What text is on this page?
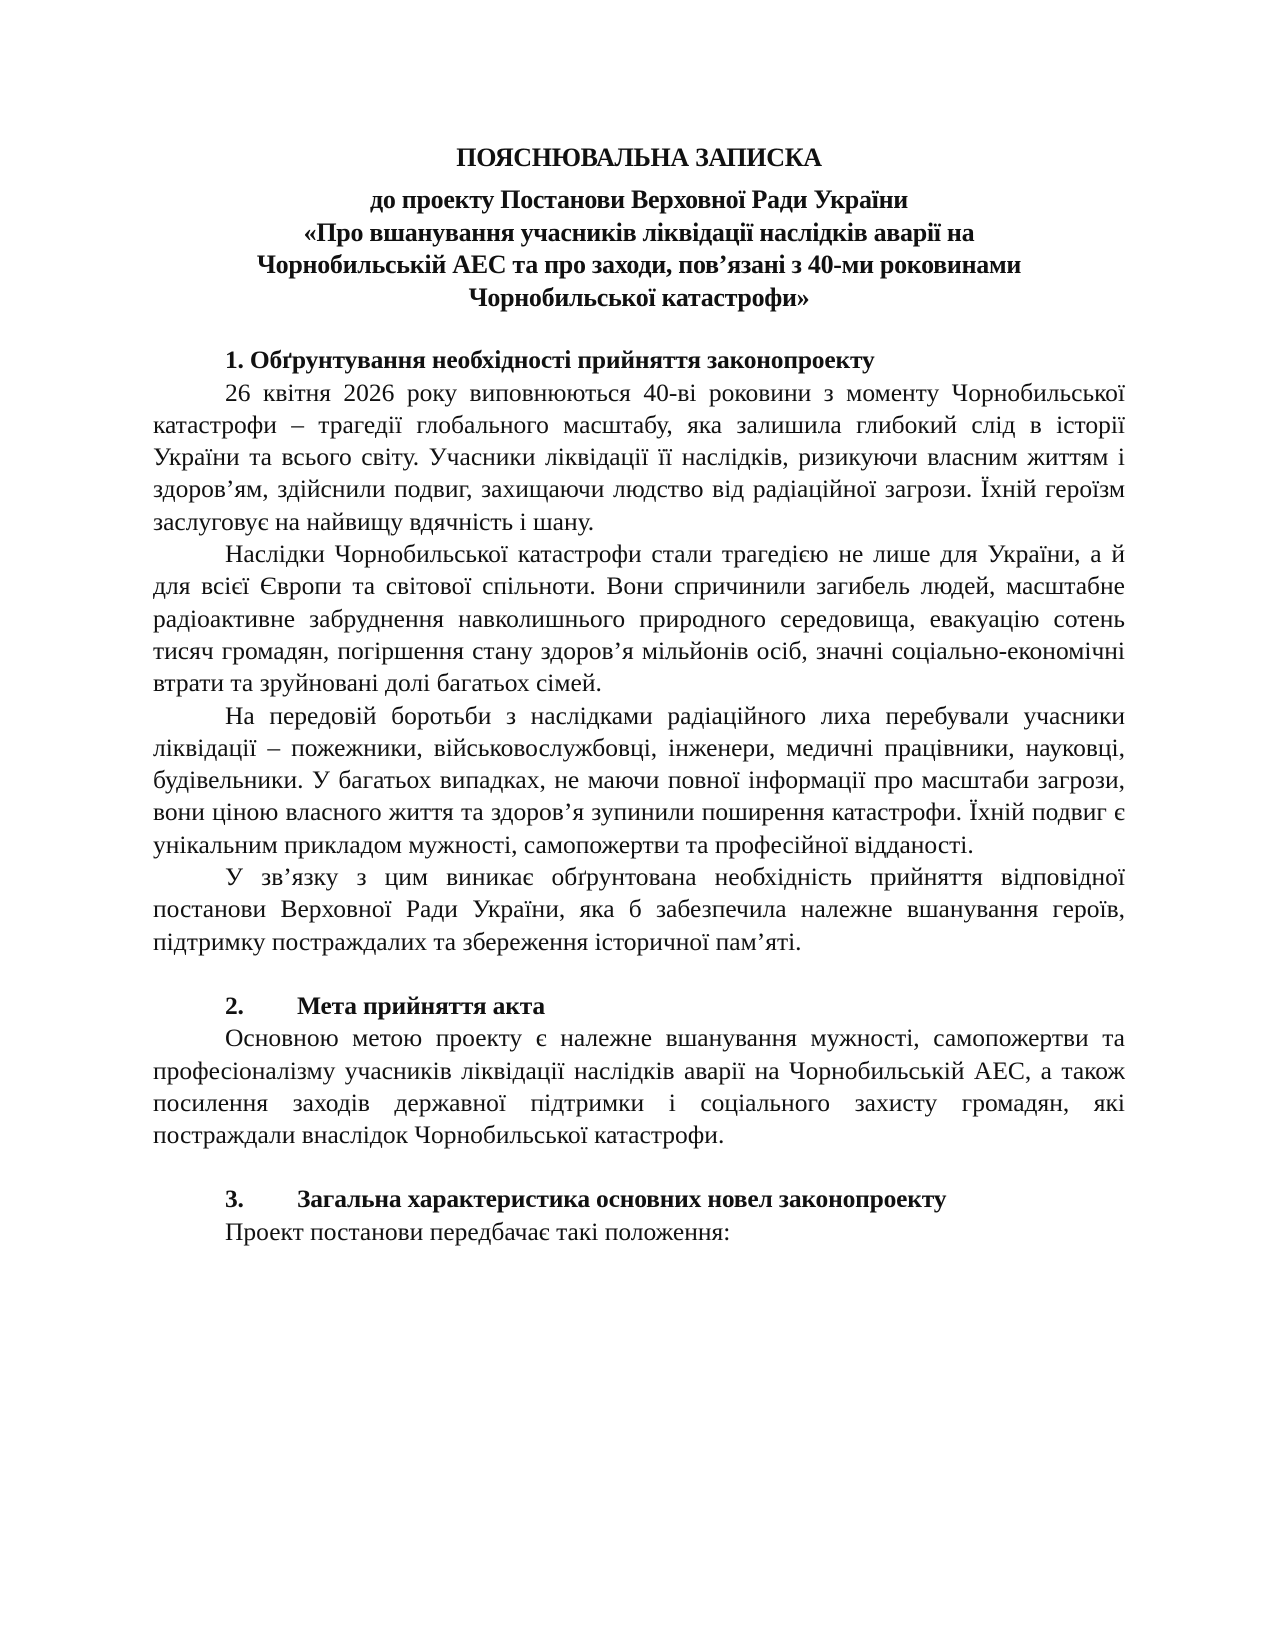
ПОЯСНЮВАЛЬНА ЗАПИСКА

до проекту Постанови Верховної Ради України

«Про вшанування учасників ліквідації наслідків аварії на

Чорнобильській АЕС та про заходи, пов’язані з 40-ми роковинами

Чорнобильської катастрофи»

1. Обґрунтування необхідності прийняття законопроекту

26 квітня 2026 року виповнюються 40-ві роковини з моменту Чорнобильської катастрофи – трагедії глобального масштабу, яка залишила глибокий слід в історії України та всього світу. Учасники ліквідації її наслідків, ризикуючи власним життям і здоров’ям, здійснили подвиг, захищаючи людство від радіаційної загрози. Їхній героїзм заслуговує на найвищу вдячність і шану.

Наслідки Чорнобильської катастрофи стали трагедією не лише для України, а й для всієї Європи та світової спільноти. Вони спричинили загибель людей, масштабне радіоактивне забруднення навколишнього природного середовища, евакуацію сотень тисяч громадян, погіршення стану здоров’я мільйонів осіб, значні соціально-економічні втрати та зруйновані долі багатьох сімей.

На передовій боротьби з наслідками радіаційного лиха перебували учасники ліквідації – пожежники, військовослужбовці, інженери, медичні працівники, науковці, будівельники. У багатьох випадках, не маючи повної інформації про масштаби загрози, вони ціною власного життя та здоров’я зупинили поширення катастрофи. Їхній подвиг є унікальним прикладом мужності, самопожертви та професійної відданості.

У зв’язку з цим виникає обґрунтована необхідність прийняття відповідної постанови Верховної Ради України, яка б забезпечила належне вшанування героїв, підтримку постраждалих та збереження історичної пам’яті.

2. Мета прийняття акта

Основною метою проекту є належне вшанування мужності, самопожертви та професіоналізму учасників ліквідації наслідків аварії на Чорнобильській АЕС, а також посилення заходів державної підтримки і соціального захисту громадян, які постраждали внаслідок Чорнобильської катастрофи.

3. Загальна характеристика основних новел законопроекту

Проект постанови передбачає такі положення:
